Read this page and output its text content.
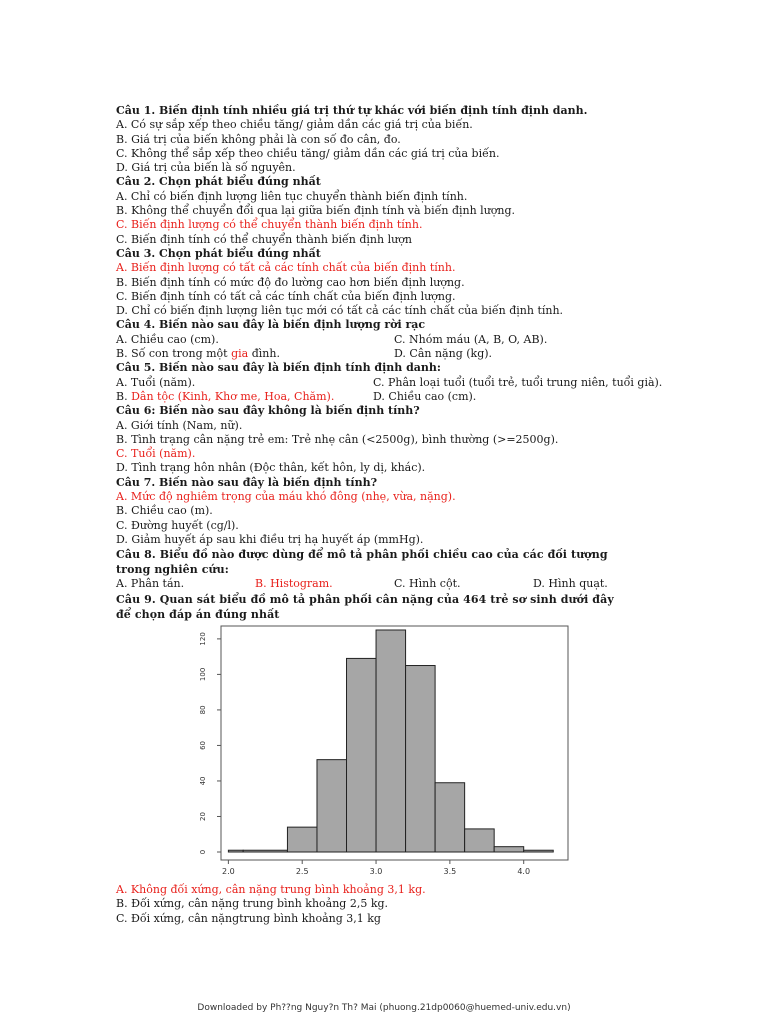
Câu 1. Biến định tính nhiều giá trị thứ tự khác với biến định tính định danh.
A. Có sự sắp xếp theo chiều tăng/ giảm dần các giá trị của biến.
B. Giá trị của biến không phải là con số đo cân, đo.
C. Không thể sắp xếp theo chiều tăng/ giảm dần các giá trị của biến.
D. Giá trị của biến là số nguyên.
Câu 2. Chọn phát biểu đúng nhất
A. Chỉ có biến định lượng liên tục chuyển thành biến định tính.
B. Không thể chuyển đổi qua lại giữa biến định tính và biến định lượng.
C. Biến định lượng có thể chuyển thành biến định tính.
C. Biến định tính có thể chuyển thành biến định lượn
Câu 3. Chọn phát biểu đúng nhất
A. Biến định lượng có tất cả các tính chất của biến định tính.
B. Biến định tính có mức độ đo lường cao hơn biến định lượng.
C. Biến định tính có tất cả các tính chất của biến định lượng.
D. Chỉ có biến định lượng liên tục mới có tất cả các tính chất của biến định tính.
Câu 4. Biến nào sau đây là biến định lượng rời rạc
A. Chiều cao (cm).	C. Nhóm máu (A, B, O, AB).
B. Số con trong một gia đình.	D. Cân nặng (kg).
Câu 5. Biến nào sau đây là biến định tính định danh:
A. Tuổi (năm).	C. Phân loại tuổi (tuổi trẻ, tuổi trung niên, tuổi già).
B. Dân tộc (Kinh, Khơ me, Hoa, Chăm).	D. Chiều cao (cm).
Câu 6: Biến nào sau đây không là biến định tính?
A. Giới tính (Nam, nữ).
B. Tình trạng cân nặng trẻ em: Trẻ nhẹ cân (<2500g), bình thường (>=2500g).
C. Tuổi (năm).
D. Tình trạng hôn nhân (Độc thân, kết hôn, ly dị, khác).
Câu 7. Biến nào sau đây là biến định tính?
A. Mức độ nghiêm trọng của máu khó đông (nhẹ, vừa, nặng).
B. Chiều cao (m).
C. Đường huyết (cg/l).
D. Giảm huyết áp sau khi điều trị hạ huyết áp (mmHg).
Câu 8. Biểu đồ nào được dùng để mô tả phân phối chiều cao của các đối tượng trong nghiên cứu:
A. Phân tán.	B. Histogram.	C. Hình cột.	D. Hình quạt.
Câu 9. Quan sát biểu đồ mô tả phân phối cân nặng của 464 trẻ sơ sinh dưới đây để chọn đáp án đúng nhất
2.0	2.5	3.0	3.5	4.0
0
20
40
60
80
100
120
A. Không đối xứng, cân nặng trung bình khoảng 3,1 kg.
B. Đối xứng, cân nặng trung bình khoảng 2,5 kg.
C. Đối xứng, cân nặngtrung bình khoảng 3,1 kg
Downloaded by Ph??ng Nguy?n Th? Mai (phuong.21dp0060@huemed-univ.edu.vn)
